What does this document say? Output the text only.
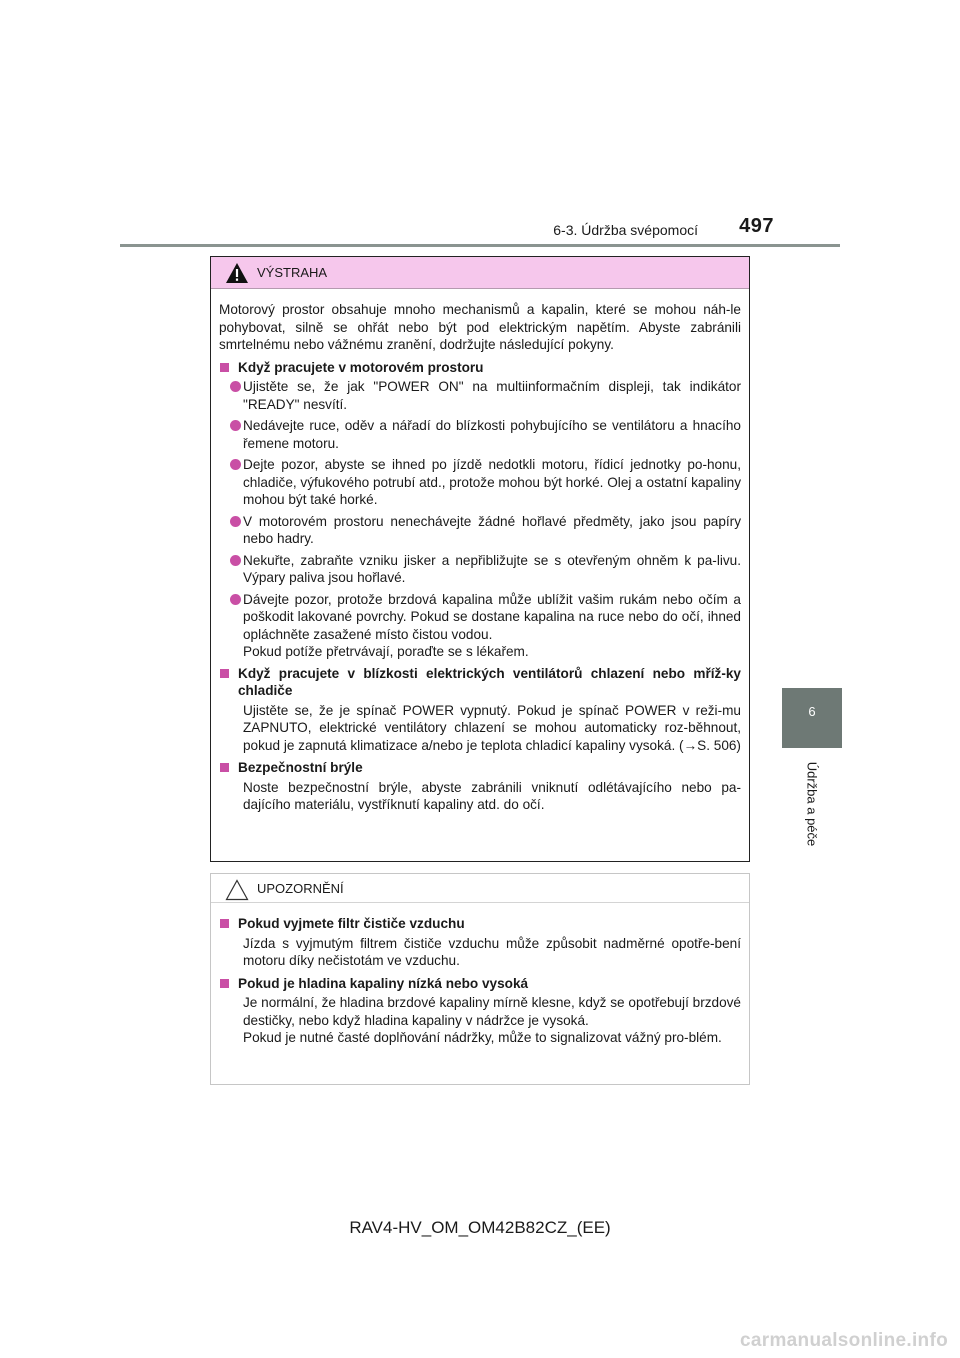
6-3. Údržba svépomocí 497
6
Údržba a péče
VÝSTRAHA

Motorový prostor obsahuje mnoho mechanismů a kapalin, které se mohou náh-le pohybovat, silně se ohřát nebo být pod elektrickým napětím. Abyste zabránili smrtelnému nebo vážnému zranění, dodržujte následující pokyny.

Když pracujete v motorovém prostoru

Ujistěte se, že jak "POWER ON" na multiinformačním displeji, tak indikátor "READY" nesvítí.

Nedávejte ruce, oděv a nářadí do blízkosti pohybujícího se ventilátoru a hnacího řemene motoru.

Dejte pozor, abyste se ihned po jízdě nedotkli motoru, řídicí jednotky po-honu, chladiče, výfukového potrubí atd., protože mohou být horké. Olej a ostatní kapaliny mohou být také horké.

V motorovém prostoru nenechávejte žádné hořlavé předměty, jako jsou papíry nebo hadry.

Nekuřte, zabraňte vzniku jisker a nepřibližujte se s otevřeným ohněm k pa-livu. Výpary paliva jsou hořlavé.

Dávejte pozor, protože brzdová kapalina může ublížit vašim rukám nebo očím a poškodit lakované povrchy. Pokud se dostane kapalina na ruce nebo do očí, ihned opláchněte zasažené místo čistou vodou.
Pokud potíže přetrvávají, poraďte se s lékařem.

Když pracujete v blízkosti elektrických ventilátorů chlazení nebo mříž-ky chladiče

Ujistěte se, že je spínač POWER vypnutý. Pokud je spínač POWER v reži-mu ZAPNUTO, elektrické ventilátory chlazení se mohou automaticky roz-běhnout, pokud je zapnutá klimatizace a/nebo je teplota chladicí kapaliny vysoká. (→S. 506)

Bezpečnostní brýle

Noste bezpečnostní brýle, abyste zabránili vniknutí odlétávajícího nebo pa-dajícího materiálu, vystříknutí kapaliny atd. do očí.

UPOZORNĚNÍ

Pokud vyjmete filtr čističe vzduchu

Jízda s vyjmutým filtrem čističe vzduchu může způsobit nadměrné opotře-bení motoru díky nečistotám ve vzduchu.

Pokud je hladina kapaliny nízká nebo vysoká

Je normální, že hladina brzdové kapaliny mírně klesne, když se opotřebují brzdové destičky, nebo když hladina kapaliny v nádržce je vysoká.
Pokud je nutné časté doplňování nádržky, může to signalizovat vážný pro-blém.

RAV4-HV_OM_OM42B82CZ_(EE)
carmanualsonline.info
